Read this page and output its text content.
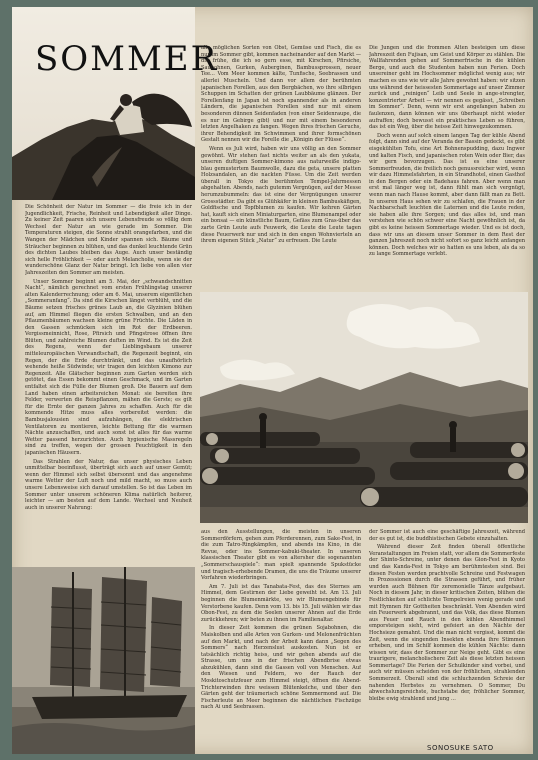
SOMMER

Die Schönheit der Natur im Sommer — die freie ich in der Jugendlichkeit, Frische, Reinheit und Lebendigkeit aller Dinge. Zu keiner Zeit paaren sich unsere Lebensfreude so völlig dem Wechsel der Natur an wie gerade im Sommer. Die Temperaturen steigen, die Sonne strahlt orangefarben, und die Wangen der Mädchen und Kinder spannen sich. Bäume und Sträucher beginnen zu blühen, und das dunkel leuchtende Grün des dichten Laubes bleiben das Auge. Auch unser beständig sich helle Fröhlichkeit — oder auch Melancholie, wenn sie der wunderschöne Glanz der Natur bringt. Ich liebe von allen vier Jahreszeiten den Sommer am meisten.

Unser Sommer beginnt am 5. Mai, der „schwandschnitten Nacht“, nämlich gerechnet vom ersten Frühlingstag unserer alten Kalenderrechnung; oder am 6. Mai, unserem eigentlichen „Sommeranfang“. Da sind die Kirschen längst verblüht, und die Bäume setzen frisches grünes Laub an, die Glyzinien blühen auf, am Himmel fliegen die ersten Schwalben, und an den Pflaumenbäumen wachsen kleine grüne Früchte. Die Läden in den Gassen schmücken sich im Rot der Erdbeeren. Vergissmeinnicht, Rose, Pfirsich und Pfingstrose öffnen ihre Blüten, und zahlreiche Blumen duften im Wind. Es ist die Zeit des Regens, wenn der Lieblingsbaum unserer mitteleuropäischen Verwandtschaft, die Regenzeit beginnt, ein Regen, der die Erde durchtränkt, und das unaufhörlich wehende heiße Südwinde; wir tragen den leichten Kimono zur Regenzeit. Alle Glätscher beginnen zum Garten werden sich getötet, das Essen bekommt einen Geschmack, und im Garten entfaltet sich die Fülle der Blumen groß. Die Bauern auf dem Land haben einen arbeitsreichen Monat: sie bereiten ihre Felder, verwerten die Reispflanzen, mähen die Gerste; es gilt für die Ernte der ganzen Jahres zu schaffen. Auch für die kommende Hitze muss alles vorbereitet werden: die Bambusjalousien sind aufzuhängen, die elektrischen Ventilatoren zu montieren, leichte Bettung für die warmen Nächte anzuschaffen, und auch sonst ist alles für das warme Wetter passend herzurichten. Auch hygienische Massregeln sind zu treffen, wegen der grossen Feuchtigkeit in den japanischen Häusern.

Das Strahlen der Natur, das unser physisches Leben unmittelbar beeinflusst, überträgt sich auch auf unser Gemüt; wenn der Himmel sich selbst übersonnt und das angenehme warme Wetter der Luft noch und mild macht, so muss auch unsere Lebensweise sich darauf umstellen. So ist das Leben im Sommer unter unserem schöneren Klima natürlich heiterer, leichter — am besten auf dem Lande. Wechsel und Neuheit auch in unserer Nahrung:

alle möglichen Sorten von Obst, Gemüse und Fisch, die es nur im Sommer gibt, kommen nacheinander auf den Markt — die frühe, die ich so gern esse, mit Kirschen, Pfirsiche, Saubohnen, Gurken, Auberginen, Bambussprossen, neuer Tee... Vom Meer kommen kälte, Tunfische, Seebrassen und allerlei Muscheln. Und dann vor allem der berühmten japanischen Forellen, aus den Bergbächen, wo ihre silbrigen Schuppen im Schatten der grünen Laubbäume glänzen. Der Forellenfang in Japan ist noch spannender als in anderen Ländern, die japanischen Forellen sind nur mit einem besonderen dünnen Seidenfaden (von einer Seidenraupe, die es nur im Gebirge gibt) und nur mit einem besonderen letzten Angelhaken zu fangen. Wegen ihres frischen Geruchs, ihrer Behendigkeit im Schwimmen und ihrer formschönen Gestalt nennen wir die Forelle die „Königin der Flüsse“.

Wenn es Juli wird, haben wir uns völlig an den Sommer gewöhnt. Wir stehen fast nichts weiter an als den yukata, unseren duftigen Sommer-kimono aus naturweiße indigo-blau gemustertem Baumwolle, dazu die geta, unsere platten Holzsandalen, an die nackten Füsse. Um die Zeit werden überall in Tokyo die berühmten Tempel-Jahrmessen abgehalten. Abends, nach gutemm Vergnügen, auf der Messe herumzubummeln: das ist eine der Vergnügungen unserer Grossstädter. Da gibt es Glühkäfer in kleinen Bambuskäfigen, Goldfische und Topfblumen zu kaufen. Wir kehren Gärten hat, kauft sich einen Miniaturgarten, eine Blumenampel oder ein bonsai — ein künstliche Baum, Gefäss zum Gras-über das zarte Grün Leute aufs Feuwerk, die Leute die Leute tagen diese Feuerwerk nur und sich in den engen Wohnvierteln an ihrem eigenen Stück „Natur“ zu erfreuen. Die Leute

Die Jungen und die frommen Alten besteigen um diese Jahreszeit den Fujisan, um Geist und Körper zu stählen. Die Wallfahrenden gehen auf Sommerfrische in die kühlen Berge, und auch die Studenten haben nun Ferien. Doch unsereiner geht im Hochsommer möglichst wenig aus; wir machen es uns wie wir alle Jahre gewohnt haben: wir sitzen uns während der heissesten Sommertage auf unser Zimmer zurück und „reinigen“ Leib und Seele in ange-strengter, konzentrierter Arbeit — wir nennen es gegässt, „Schreiben im Sommer“. Denn, wenn wir erst angefangen haben zu faulenzen, dann können wir uns überhaupt nicht wieder aufraffen; doch bewusst ein praktisches Leben so führen, das ist ein Weg, über die heisse Zeit hinwegzukommen.

Doch wenn auf solch einem langen Tag der kühle Abend folgt, dann sind auf der Veranda der Bassin gedeckt, es gibt eisgekühlten Tofu, eine Art Bohnenspudding, dazu Ingwer und kalten Fisch, und japanischen roten Wein oder Bier, das wir gern bevorzugen. Das ist es eine unserer Sommerfreuden, die freilich noch genussreicher wird, wenn wir dazu Himmelsfahrten, in ein Strandhotel, einen Gasthof in den Bergen oder ein Badehaus fahren. Aber wenn man erst mal länger weg ist, dann fühlt man sich vergnügt, wenn man nach Hause kommt, aber dann fällt man zu Bett. In unseren Haus sehen wir zu schlafen, die Frauen in der Nachbarschaft leuchten die Laternen und die Leute reden, sie haben alle ihre Sorgen; und das alles ist, und man verstehen wie schön schwer eine Nacht gewöhnlich ist, da gibt es keine heissen Sommertage wieder. Und es ist doch, dass wir uns an diesem unser Sommer in dem Rest der ganzen Jahreszeit noch nicht sofort so ganz leicht anfangen können. Doch welches wir so hatten es uns leben, als da so zu lange Sommertage verlebt.

aus den Ausstellungen, die meisten in unseren Sommerdörfern, gehen zum Pferderennen, zum Sake-Fest, in die zum Tatro-Ringkämpfen, und abends ins Kino, in die Revue, oder ins Sommer-kabuki-theater. In unseren klassischen Theater gibt es von altersher die sogenannten „Sommerschauspiele“: man spielt spannende Spukstücke und tragisch-erhebende Dramen, die uns die Träume unserer Vorfahren wiederbringen.

Am 7. Juli ist das Tanabata-Fest, das des Sternes am Himmel, dem Gestirnen der Liebe geweiht ist. Am 13. Juli beginnen die Blumenmärkte, wo wir Blumengebinde für Verstorbene kaufen. Denn vom 13. bis 15. Juli wählen wir das Obon-Fest, zu dem die Seelen unserer Ahnen auf die Erde zurückkehren; wir beten zu ihnen im Familienaltar.

In dieser Zeit kommen die grünen Sojabohnen, die Maiskolben und alle Arten von Gurken- und Melonenfrüchten auf den Markt, und nach der Arbeit kann dann „Segen des Sommers“ nach Herzenslust auskosten. Nun ist er tatsächlich richtig heiss, und wir gehen abends auf die Strasse, um uns in der frischen Abendbrise etwas abzukühlen, dann sind die Gassen voll von Menschen. Auf den Wiesen und Feldern, wo der Rauch der Moskitoschutzfeuer zum Himmel steigt, öffnen die Abend-Trichterwinden ihre weissen Blütenkelche, und über den Gärten geht der träumerisch schöne Sommermond auf. Die Fischerleute an Meer beginnen die nächtlichen Fischzüge nach Ai und Seebrassen.

der Sommer ist auch eine geschäftige Jahreszeit, während der es gut ist, die buddhistischen Gebete einzuhalten.

Während dieser Zeit finden überall öffentliche Veranstaltungen im Freien statt, vor allem die Sommerfeste der Shinto-Schreine, unter denen das Gion-Fest in Kyoto und das Kanda-Fest in Tokyo am berühmtesten sind. Bei diesen Festen werden prachtvolle Schreine und Festwagen in Prozessionen durch die Strassen geführt, und früher wurden auch Bühnen für zeremonielle Tänze aufgebaut. Noch in diesem Jahr, in dieser kritischen Zeiten, blühen die Festlichkeiten auf schlichte Tempelreien wenig gerade und mit Hymnen für Gottheiten beschränkt. Vom Abenden wird ein Feuerwerk abgebrannt, und das Volk, das diese Blumen aus Feuer und Rauch in den kühlen Abendhimmel emporsteigen sieht, wird gefeiert an den Nächte der Hochsieze gemahnt. Und die man nicht vergisst, kommt die Zeit, wenn die singenden Insekten ebenda ihre Stimmen erheben, und im Schilf kommen die kühlen Nächte: dann wissen wir, dass der Sommer zur Neige geht. Gibt es eine traurigere, melancholischere Zeit als diese letzten heissen Sommertage? Die Ferien der Schulkinder sind vorbei, und auch wir müssen scheiden von der fröhlichen, strahlenden Sommerzeit. Überall sind die schluchzenden Schreie der nahenden Herbstes zu vernehmen. O Sommer, Du abwechslungsreichste, buchstabe der, fröhlicher Sommer, bleibe ewig strahlend und jung ...

SONOSUKE SATO
